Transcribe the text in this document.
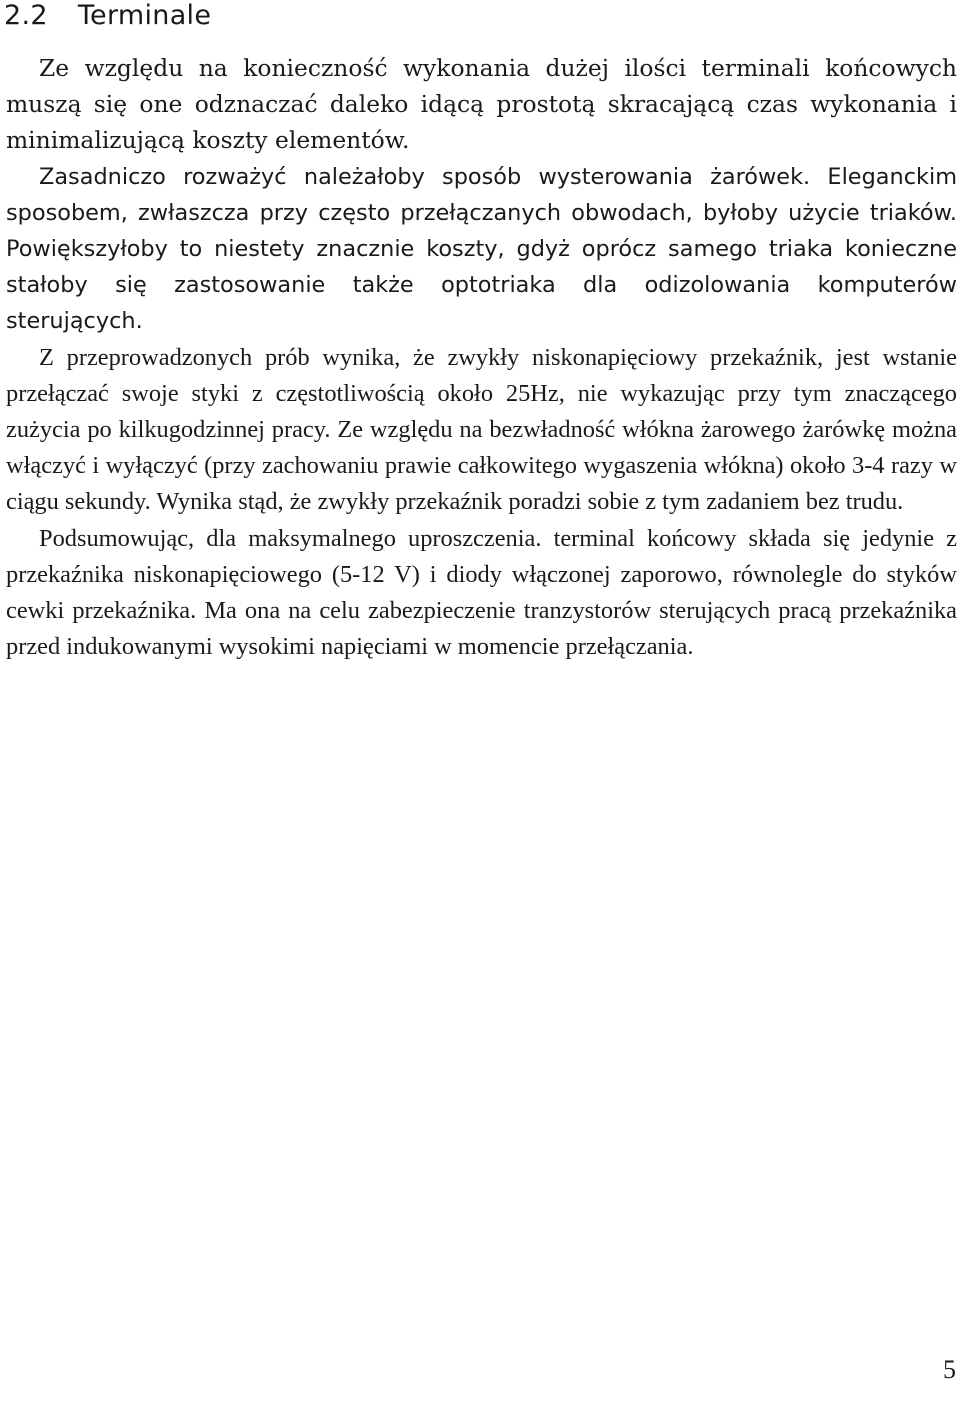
2.2 Terminale

Ze względu na konieczność wykonania dużej ilości terminali końcowych muszą się one odznaczać daleko idącą prostotą skracającą czas wykonania i minimalizującą koszty elementów.

Zasadniczo rozważyć należałoby sposób wysterowania żarówek. Eleganckim sposobem, zwłaszcza przy często przełączanych obwodach, byłoby użycie triaków. Powiększyłoby to niestety znacznie koszty, gdyż oprócz samego triaka konieczne stałoby się zastosowanie także optotriaka dla odizolowania komputerów sterujących.

Z przeprowadzonych prób wynika, że zwykły niskonapięciowy przekaźnik, jest wstanie przełączać swoje styki z częstotliwością około 25Hz, nie wykazując przy tym znaczącego zużycia po kilkugodzinnej pracy. Ze względu na bezwładność włókna żarowego żarówkę można włączyć i wyłączyć (przy zachowaniu prawie całkowitego wygaszenia włókna) około 3-4 razy w ciągu sekundy. Wynika stąd, że zwykły przekaźnik poradzi sobie z tym zadaniem bez trudu.

Podsumowując, dla maksymalnego uproszczenia. terminal końcowy składa się jedynie z przekaźnika niskonapięciowego (5-12 V) i diody włączonej zaporowo, równolegle do styków cewki przekaźnika. Ma ona na celu zabezpieczenie tranzystorów sterujących pracą przekaźnika przed indukowanymi wysokimi napięciami w momencie przełączania.

5
